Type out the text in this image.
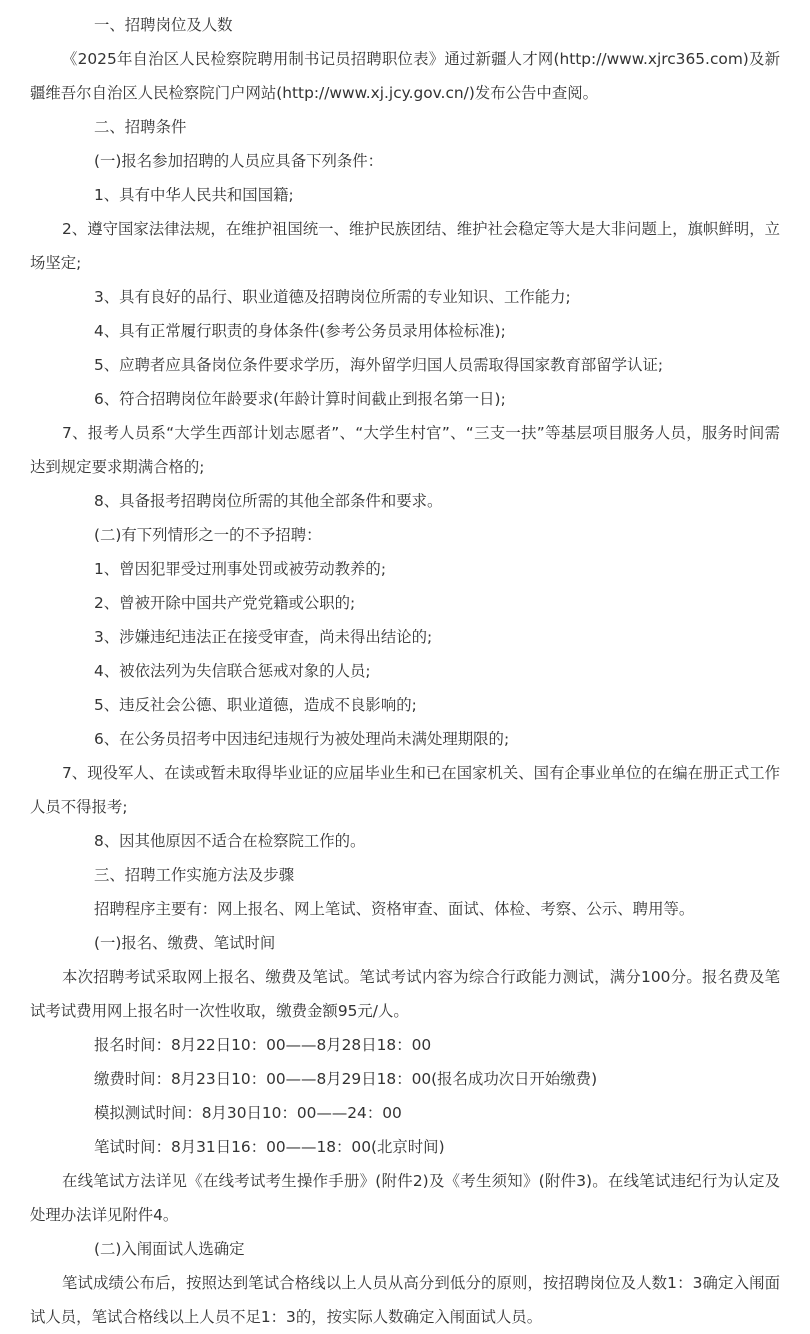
一、招聘岗位及人数

《2025年自治区人民检察院聘用制书记员招聘职位表》通过新疆人才网(http://www.xjrc365.com)及新疆维吾尔自治区人民检察院门户网站(http://www.xj.jcy.gov.cn/)发布公告中查阅。

二、招聘条件

(一)报名参加招聘的人员应具备下列条件：

1、具有中华人民共和国国籍;

2、遵守国家法律法规，在维护祖国统一、维护民族团结、维护社会稳定等大是大非问题上，旗帜鲜明，立场坚定;

3、具有良好的品行、职业道德及招聘岗位所需的专业知识、工作能力;

4、具有正常履行职责的身体条件(参考公务员录用体检标准);

5、应聘者应具备岗位条件要求学历，海外留学归国人员需取得国家教育部留学认证;

6、符合招聘岗位年龄要求(年龄计算时间截止到报名第一日);

7、报考人员系“大学生西部计划志愿者”、“大学生村官”、“三支一扶”等基层项目服务人员，服务时间需达到规定要求期满合格的;

8、具备报考招聘岗位所需的其他全部条件和要求。

(二)有下列情形之一的不予招聘：

1、曾因犯罪受过刑事处罚或被劳动教养的;

2、曾被开除中国共产党党籍或公职的;

3、涉嫌违纪违法正在接受审查，尚未得出结论的;

4、被依法列为失信联合惩戒对象的人员;

5、违反社会公德、职业道德，造成不良影响的;

6、在公务员招考中因违纪违规行为被处理尚未满处理期限的;

7、现役军人、在读或暂未取得毕业证的应届毕业生和已在国家机关、国有企事业单位的在编在册正式工作人员不得报考;

8、因其他原因不适合在检察院工作的。

三、招聘工作实施方法及步骤

招聘程序主要有：网上报名、网上笔试、资格审查、面试、体检、考察、公示、聘用等。

(一)报名、缴费、笔试时间

本次招聘考试采取网上报名、缴费及笔试。笔试考试内容为综合行政能力测试，满分100分。报名费及笔试考试费用网上报名时一次性收取，缴费金额95元/人。

报名时间：8月22日10：00——8月28日18：00

缴费时间：8月23日10：00——8月29日18：00(报名成功次日开始缴费)

模拟测试时间：8月30日10：00——24：00

笔试时间：8月31日16：00——18：00(北京时间)

在线笔试方法详见《在线考试考生操作手册》(附件2)及《考生须知》(附件3)。在线笔试违纪行为认定及处理办法详见附件4。

(二)入闱面试人选确定

笔试成绩公布后，按照达到笔试合格线以上人员从高分到低分的原则，按招聘岗位及人数1：3确定入闱面试人员，笔试合格线以上人员不足1：3的，按实际人数确定入闱面试人员。
